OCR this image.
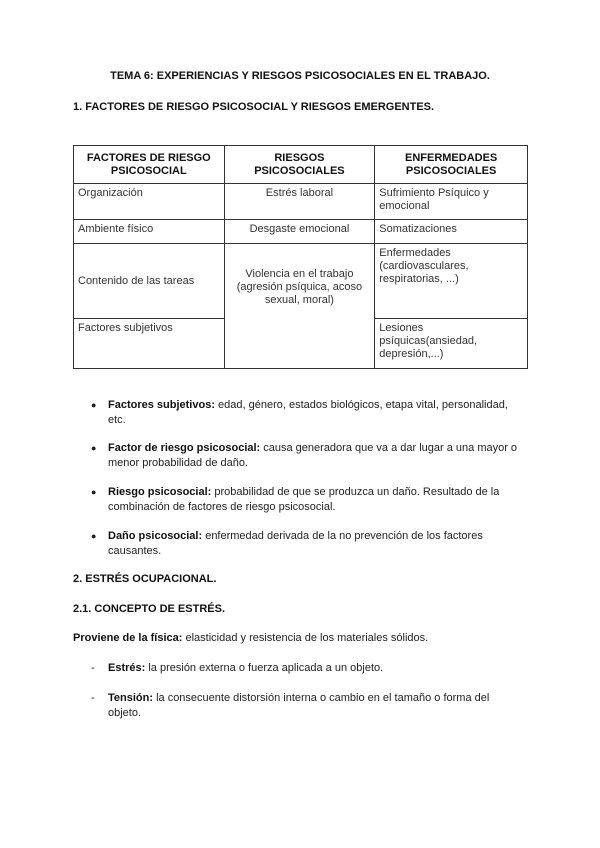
TEMA 6: EXPERIENCIAS Y RIESGOS PSICOSOCIALES EN EL TRABAJO.
1. FACTORES DE RIESGO PSICOSOCIAL Y RIESGOS EMERGENTES.
FACTORES DE RIESGO PSICOSOCIAL	RIESGOS PSICOSOCIALES	ENFERMEDADES PSICOSOCIALES
Organización	Estrés laboral	Sufrimiento Psíquico y emocional
Ambiente físico	Desgaste emocional	Somatizaciones
Contenido de las tareas	Violencia en el trabajo (agresión psíquica, acoso sexual, moral)	Enfermedades (cardiovasculares, respiratorias, ...)
Factores subjetivos		Lesiones psíquicas(ansiedad, depresión,...)
● Factores subjetivos: edad, género, estados biológicos, etapa vital, personalidad, etc.
● Factor de riesgo psicosocial: causa generadora que va a dar lugar a una mayor o menor probabilidad de daño.
● Riesgo psicosocial: probabilidad de que se produzca un daño. Resultado de la combinación de factores de riesgo psicosocial.
● Daño psicosocial: enfermedad derivada de la no prevención de los factores causantes.
2. ESTRÉS OCUPACIONAL.
2.1. CONCEPTO DE ESTRÉS.
Proviene de la física: elasticidad y resistencia de los materiales sólidos.
- Estrés: la presión externa o fuerza aplicada a un objeto.
- Tensión: la consecuente distorsión interna o cambio en el tamaño o forma del objeto.
